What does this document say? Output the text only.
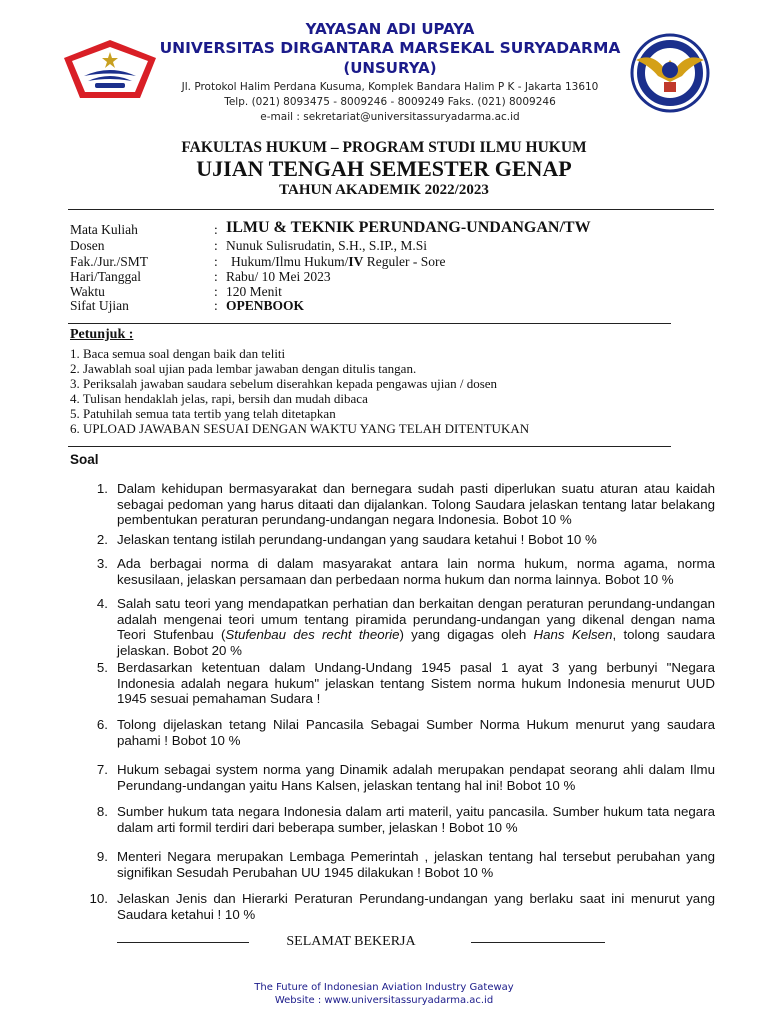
YAYASAN ADI UPAYA
UNIVERSITAS DIRGANTARA MARSEKAL SURYADARMA
(UNSURYA)
Jl. Protokol Halim Perdana Kusuma, Komplek Bandara Halim P K - Jakarta 13610
Telp. (021) 8093475 - 8009246 - 8009249 Faks. (021) 8009246
e-mail : sekretariat@universitassuryadarma.ac.id
FAKULTAS HUKUM – PROGRAM STUDI ILMU HUKUM
UJIAN TENGAH SEMESTER GENAP
TAHUN AKADEMIK 2022/2023
Mata Kuliah	: ILMU & TEKNIK PERUNDANG-UNDANGAN/TW
Dosen	: Nunuk Sulisrudatin, S.H., S.IP., M.Si
Fak./Jur./SMT	: Hukum/Ilmu Hukum/IV Reguler - Sore
Hari/Tanggal	: Rabu/ 10 Mei 2023
Waktu	: 120 Menit
Sifat Ujian	: OPENBOOK
Petunjuk :
1. Baca semua soal dengan baik dan teliti
2. Jawablah soal ujian pada lembar jawaban dengan ditulis tangan.
3. Periksalah jawaban saudara sebelum diserahkan kepada pengawas ujian / dosen
4. Tulisan hendaklah jelas, rapi, bersih dan mudah dibaca
5. Patuhilah semua tata tertib yang telah ditetapkan
6. UPLOAD JAWABAN SESUAI DENGAN WAKTU YANG TELAH DITENTUKAN
Soal
1. Dalam kehidupan bermasyarakat dan bernegara sudah pasti diperlukan suatu aturan atau kaidah sebagai pedoman yang harus ditaati dan dijalankan. Tolong Saudara jelaskan tentang latar belakang pembentukan peraturan perundang-undangan negara Indonesia. Bobot 10 %
2. Jelaskan tentang istilah perundang-undangan yang saudara ketahui ! Bobot 10 %
3. Ada berbagai norma di dalam masyarakat antara lain norma hukum, norma agama, norma kesusilaan, jelaskan persamaan dan perbedaan norma hukum dan norma lainnya. Bobot 10 %
4. Salah satu teori yang mendapatkan perhatian dan berkaitan dengan peraturan perundang-undangan adalah mengenai teori umum tentang piramida perundang-undangan yang dikenal dengan nama Teori Stufenbau (Stufenbau des recht theorie) yang digagas oleh Hans Kelsen, tolong saudara jelaskan. Bobot 20 %
5. Berdasarkan ketentuan dalam Undang-Undang 1945 pasal 1 ayat 3 yang berbunyi "Negara Indonesia adalah negara hukum" jelaskan tentang Sistem norma hukum Indonesia menurut UUD 1945 sesuai pemahaman Sudara !
6. Tolong dijelaskan tetang Nilai Pancasila Sebagai Sumber Norma Hukum menurut yang saudara pahami ! Bobot 10 %
7. Hukum sebagai system norma yang Dinamik adalah merupakan pendapat seorang ahli dalam Ilmu Perundang-undangan yaitu Hans Kalsen, jelaskan tentang hal ini! Bobot 10 %
8. Sumber hukum tata negara Indonesia dalam arti materil, yaitu pancasila. Sumber hukum tata negara dalam arti formil terdiri dari beberapa sumber, jelaskan ! Bobot 10 %
9. Menteri Negara merupakan Lembaga Pemerintah , jelaskan tentang hal tersebut perubahan yang signifikan Sesudah Perubahan UU 1945 dilakukan ! Bobot 10 %
10. Jelaskan Jenis dan Hierarki Peraturan Perundang-undangan yang berlaku saat ini menurut yang Saudara ketahui ! 10 %
SELAMAT BEKERJA
The Future of Indonesian Aviation Industry Gateway
Website : www.universitassuryadarma.ac.id
